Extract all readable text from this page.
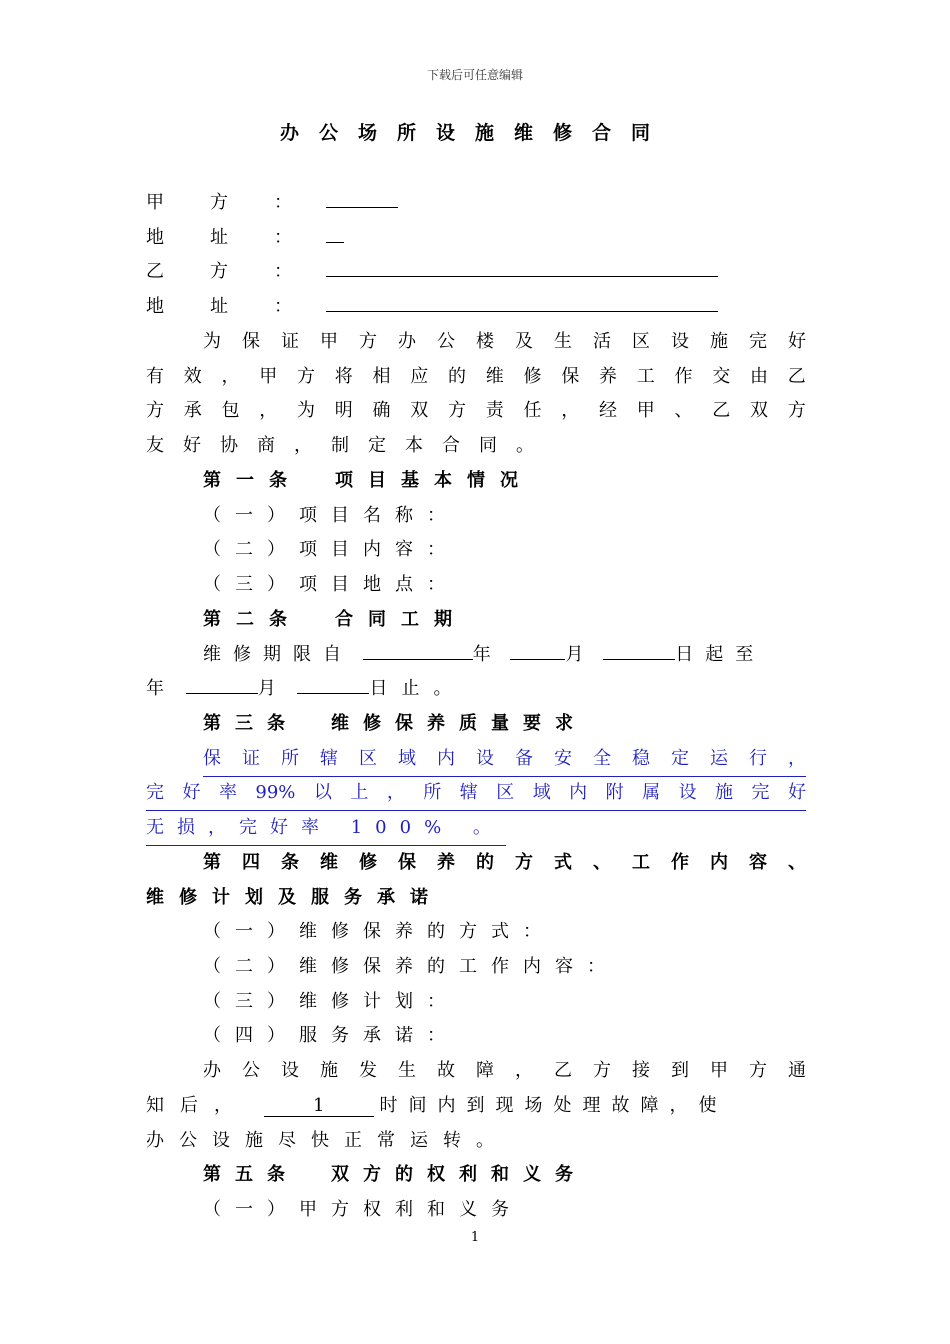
下载后可任意编辑
办公场所设施维修合同
甲　方　：
地　址　：
乙　方　：
地　址　：
为 保 证 甲 方 办 公 楼 及 生 活 区 设 施 完 好
有 效 ， 甲 方 将 相 应 的 维 修 保 养 工 作 交 由 乙
方 承 包 ， 为 明 确 双 方 责 任 ， 经 甲 、 乙 双 方
友好协商，制定本合同。
第一条　项目基本情况
（一）项目名称：
（二）项目内容：
（三）项目地点：
第二条　合同工期
维修期限自	年	月	日起至
年	月	日止。
第三条　维修保养质量要求
保 证 所 辖 区 域 内 设 备 安 全 稳 定 运 行 ，
完 好 率 99% 以 上 ， 所 辖 区 域 内 附 属 设 施 完 好
无损，完好率 100% 。
第 四 条 维 修 保 养 的 方 式 、 工 作 内 容 、
维修计划及服务承诺
（一）维修保养的方式：
（二）维修保养的工作内容：
（三）维修计划：
（四）服务承诺：
办 公 设 施 发 生 故 障 ， 乙 方 接 到 甲 方 通
知后，	1	时间内到现场处理故障，使
办公设施尽快正常运转。
第五条　双方的权利和义务
（一）甲方权利和义务
1
